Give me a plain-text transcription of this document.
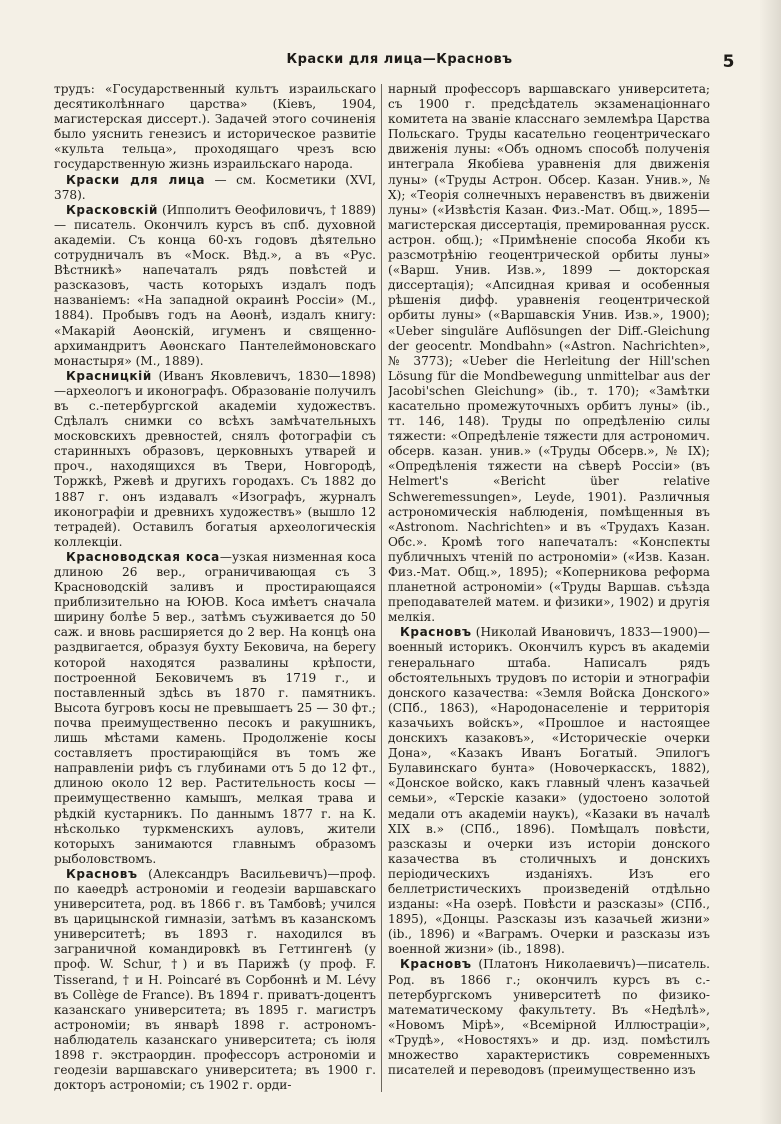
Краски для лица—Красновъ	5

трудъ: «Государственный культъ израильскаго десятиколѣннаго царства» (Кіевъ, 1904, магистерская диссерт.). Задачей этого сочиненія было уяснить генезисъ и историческое развитіе «культа тельца», проходящаго чрезъ всю государственную жизнь израильскаго народа.

Краски для лица — см. Косметики (XVI, 378).

Красковскій (Ипполитъ Ѳеофиловичъ, † 1889) — писатель. Окончилъ курсъ въ спб. духовной академіи. Съ конца 60-хъ годовъ дѣятельно сотрудничалъ въ «Моск. Вѣд.», а въ «Рус. Вѣстникѣ» напечаталъ рядъ повѣстей и разсказовъ, часть которыхъ издалъ подъ названіемъ: «На западной окраинѣ Россіи» (М., 1884). Пробывъ годъ на Аѳонѣ, издалъ книгу: «Макарій Аѳонскій, игуменъ и священно-архимандритъ Аѳонскаго Пантелеймоновскаго монастыря» (М., 1889).

Красницкій (Иванъ Яковлевичъ, 1830—1898)—археологъ и иконографъ. Образованіе получилъ въ с.-петербургской академіи художествъ. Сдѣлалъ снимки со всѣхъ замѣчательныхъ московскихъ древностей, снялъ фотографіи съ старинныхъ образовъ, церковныхъ утварей и проч., находящихся въ Твери, Новгородѣ, Торжкѣ, Ржевѣ и другихъ городахъ. Съ 1882 до 1887 г. онъ издавалъ «Изографъ, журналъ иконографіи и древнихъ художествъ» (вышло 12 тетрадей). Оставилъ богатыя археологическія коллекціи.

Красноводская коса—узкая низменная коса длиною 26 вер., ограничивающая съ З Красноводскій заливъ и простирающаяся приблизительно на ЮЮВ. Коса имѣетъ сначала ширину болѣе 5 вер., затѣмъ съуживается до 50 саж. и вновь расширяется до 2 вер. На концѣ она раздвигается, образуя бухту Бековича, на берегу которой находятся развалины крѣпости, построенной Бековичемъ въ 1719 г., и поставленный здѣсь въ 1870 г. памятникъ. Высота бугровъ косы не превышаетъ 25 — 30 фт.; почва преимущественно песокъ и ракушникъ, лишь мѣстами камень. Продолженіе косы составляетъ простирающійся въ томъ же направленіи рифъ съ глубинами отъ 5 до 12 фт., длиною около 12 вер. Растительность косы — преимущественно камышъ, мелкая трава и рѣдкій кустарникъ. По даннымъ 1877 г. на К. нѣсколько туркменскихъ ауловъ, жители которыхъ занимаются главнымъ образомъ рыболовствомъ.

Красновъ (Александръ Васильевичъ)—проф. по каѳедрѣ астрономіи и геодезіи варшавскаго университета, род. въ 1866 г. въ Тамбовѣ; учился въ царицынской гимназіи, затѣмъ въ казанскомъ университетѣ; въ 1893 г. находился въ заграничной командировкѣ въ Геттингенѣ (у проф. W. Schur, †) и въ Парижѣ (у проф. F. Tisserand, † и H. Poincaré въ Сорбоннѣ и M. Lévy въ Collège de France). Въ 1894 г. приватъ-доцентъ казанскаго университета; въ 1895 г. магистръ астрономіи; въ январѣ 1898 г. астрономъ-наблюдатель казанскаго университета; съ іюля 1898 г. экстраордин. профессоръ астрономіи и геодезіи варшавскаго университета; въ 1900 г. докторъ астрономіи; съ 1902 г. орди-

нарный профессоръ варшавскаго университета; съ 1900 г. предсѣдатель экзаменаціоннаго комитета на званіе класснаго землемѣра Царства Польскаго. Труды касательно геоцентрическаго движенія луны: «Объ одномъ способѣ полученія интеграла Якобіева уравненія для движенія луны» («Труды Астрон. Обсер. Казан. Унив.», № X); «Теорія солнечныхъ неравенствъ въ движеніи луны» («Извѣстія Казан. Физ.-Мат. Общ.», 1895—магистерская диссертація, премированная русск. астрон. общ.); «Примѣненіе способа Якоби къ разсмотрѣнію геоцентрической орбиты луны» («Варш. Унив. Изв.», 1899 — докторская диссертація); «Апсидная кривая и особенныя рѣшенія дифф. уравненія геоцентрической орбиты луны» («Варшавскія Унив. Изв.», 1900); «Ueber singuläre Auflösungen der Diff.-Gleichung der geocentr. Mondbahn» («Astron. Nachrichten», № 3773); «Ueber die Herleitung der Hill'schen Lösung für die Mondbewegung unmittelbar aus der Jacobi'schen Gleichung» (ib., т. 170); «Замѣтки касательно промежуточныхъ орбитъ луны» (ib., тт. 146, 148). Труды по опредѣленію силы тяжести: «Опредѣленіе тяжести для астрономич. обсерв. казан. унив.» («Труды Обсерв.», № IX); «Опредѣленія тяжести на сѣверѣ Россіи» (въ Helmert's «Bericht über relative Schweremessungen», Leyde, 1901). Различныя астрономическія наблюденія, помѣщенныя въ «Astronom. Nachrichten» и въ «Трудахъ Казан. Обс.». Кромѣ того напечаталъ: «Конспекты публичныхъ чтеній по астрономіи» («Изв. Казан. Физ.-Мат. Общ.», 1895); «Коперникова реформа планетной астрономіи» («Труды Варшав. съѣзда преподавателей матем. и физики», 1902) и другія мелкія.

Красновъ (Николай Ивановичъ, 1833—1900)—военный историкъ. Окончилъ курсъ въ академіи генеральнаго штаба. Написалъ рядъ обстоятельныхъ трудовъ по исторіи и этнографіи донского казачества: «Земля Войска Донского» (СПб., 1863), «Народонаселеніе и территорія казачьихъ войскъ», «Прошлое и настоящее донскихъ казаковъ», «Историческіе очерки Дона», «Казакъ Иванъ Богатый. Эпилогъ Булавинскаго бунта» (Новочеркасскъ, 1882), «Донское войско, какъ главный членъ казачьей семьи», «Терскіе казаки» (удостоено золотой медали отъ академіи наукъ), «Казаки въ началѣ XIX в.» (СПб., 1896). Помѣщалъ повѣсти, разсказы и очерки изъ исторіи донского казачества въ столичныхъ и донскихъ періодическихъ изданіяхъ. Изъ его беллетристическихъ произведеній отдѣльно изданы: «На озерѣ. Повѣсти и разсказы» (СПб., 1895), «Донцы. Разсказы изъ казачьей жизни» (ib., 1896) и «Ваграмъ. Очерки и разсказы изъ военной жизни» (ib., 1898).

Красновъ (Платонъ Николаевичъ)—писатель. Род. въ 1866 г.; окончилъ курсъ въ с.-петербургскомъ университетѣ по физико-математическому факультету. Въ «Недѣлѣ», «Новомъ Мірѣ», «Всемірной Иллюстраціи», «Трудѣ», «Новостяхъ» и др. изд. помѣстилъ множество характеристикъ современныхъ писателей и переводовъ (преимущественно изъ
